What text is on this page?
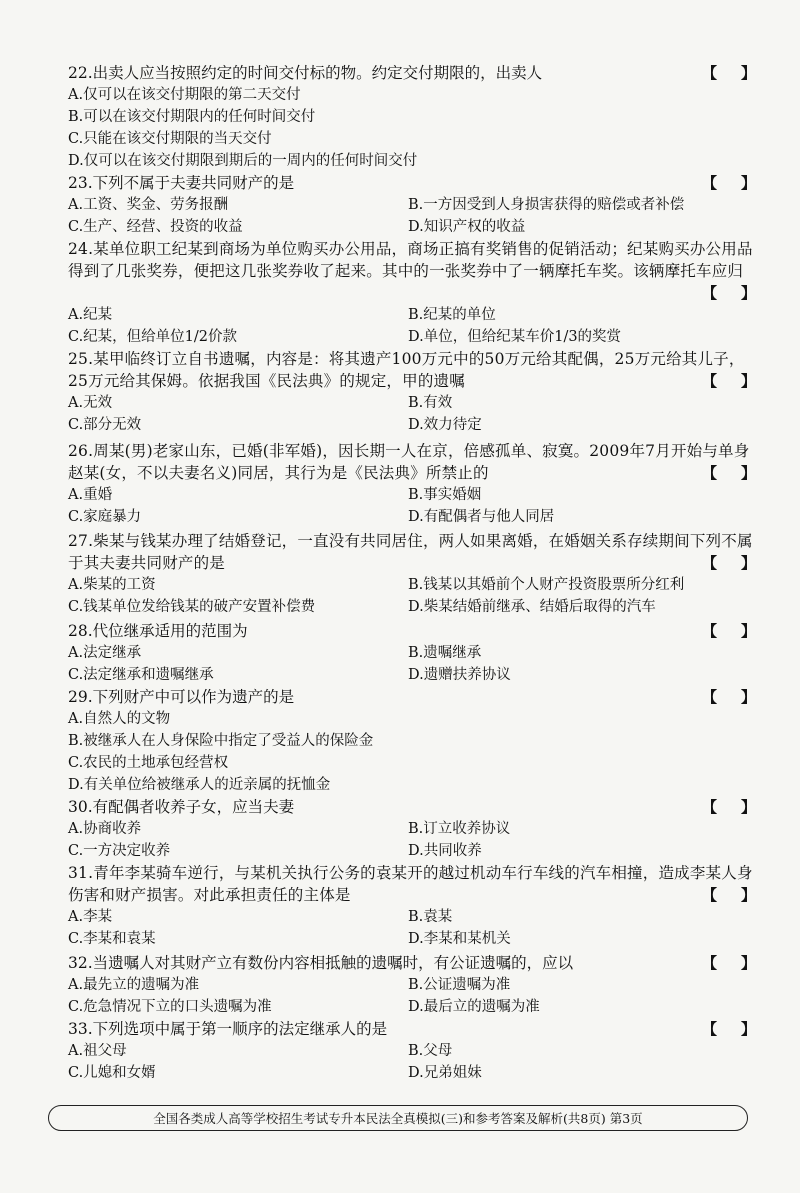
22.出卖人应当按照约定的时间交付标的物。约定交付期限的，出卖人	【】
A.仅可以在该交付期限的第二天交付
B.可以在该交付期限内的任何时间交付
C.只能在该交付期限的当天交付
D.仅可以在该交付期限到期后的一周内的任何时间交付
23.下列不属于夫妻共同财产的是	【】
A.工资、奖金、劳务报酬	B.一方因受到人身损害获得的赔偿或者补偿
C.生产、经营、投资的收益	D.知识产权的收益
24.某单位职工纪某到商场为单位购买办公用品，商场正搞有奖销售的促销活动；纪某购买办公用品得到了几张奖券，便把这几张奖券收了起来。其中的一张奖券中了一辆摩托车奖。该辆摩托车应归
【】
A.纪某	B.纪某的单位
C.纪某，但给单位1/2价款	D.单位，但给纪某车价1/3的奖赏
25.某甲临终订立自书遗嘱，内容是：将其遗产100万元中的50万元给其配偶，25万元给其儿子，25万元给其保姆。依据我国《民法典》的规定，甲的遗嘱	【】
A.无效	B.有效
C.部分无效	D.效力待定
26.周某(男)老家山东，已婚(非军婚)，因长期一人在京，倍感孤单、寂寞。2009年7月开始与单身赵某(女，不以夫妻名义)同居，其行为是《民法典》所禁止的	【】
A.重婚	B.事实婚姻
C.家庭暴力	D.有配偶者与他人同居
27.柴某与钱某办理了结婚登记，一直没有共同居住，两人如果离婚，在婚姻关系存续期间下列不属于其夫妻共同财产的是	【】
A.柴某的工资	B.钱某以其婚前个人财产投资股票所分红利
C.钱某单位发给钱某的破产安置补偿费	D.柴某结婚前继承、结婚后取得的汽车
28.代位继承适用的范围为	【】
A.法定继承	B.遗嘱继承
C.法定继承和遗嘱继承	D.遗赠扶养协议
29.下列财产中可以作为遗产的是	【】
A.自然人的文物
B.被继承人在人身保险中指定了受益人的保险金
C.农民的土地承包经营权
D.有关单位给被继承人的近亲属的抚恤金
30.有配偶者收养子女，应当夫妻	【】
A.协商收养	B.订立收养协议
C.一方决定收养	D.共同收养
31.青年李某骑车逆行，与某机关执行公务的袁某开的越过机动车行车线的汽车相撞，造成李某人身伤害和财产损害。对此承担责任的主体是	【】
A.李某	B.袁某
C.李某和袁某	D.李某和某机关
32.当遗嘱人对其财产立有数份内容相抵触的遗嘱时，有公证遗嘱的，应以	【】
A.最先立的遗嘱为准	B.公证遗嘱为准
C.危急情况下立的口头遗嘱为准	D.最后立的遗嘱为准
33.下列选项中属于第一顺序的法定继承人的是	【】
A.祖父母	B.父母
C.儿媳和女婿	D.兄弟姐妹
全国各类成人高等学校招生考试专升本民法全真模拟(三)和参考答案及解析(共8页) 第3页
